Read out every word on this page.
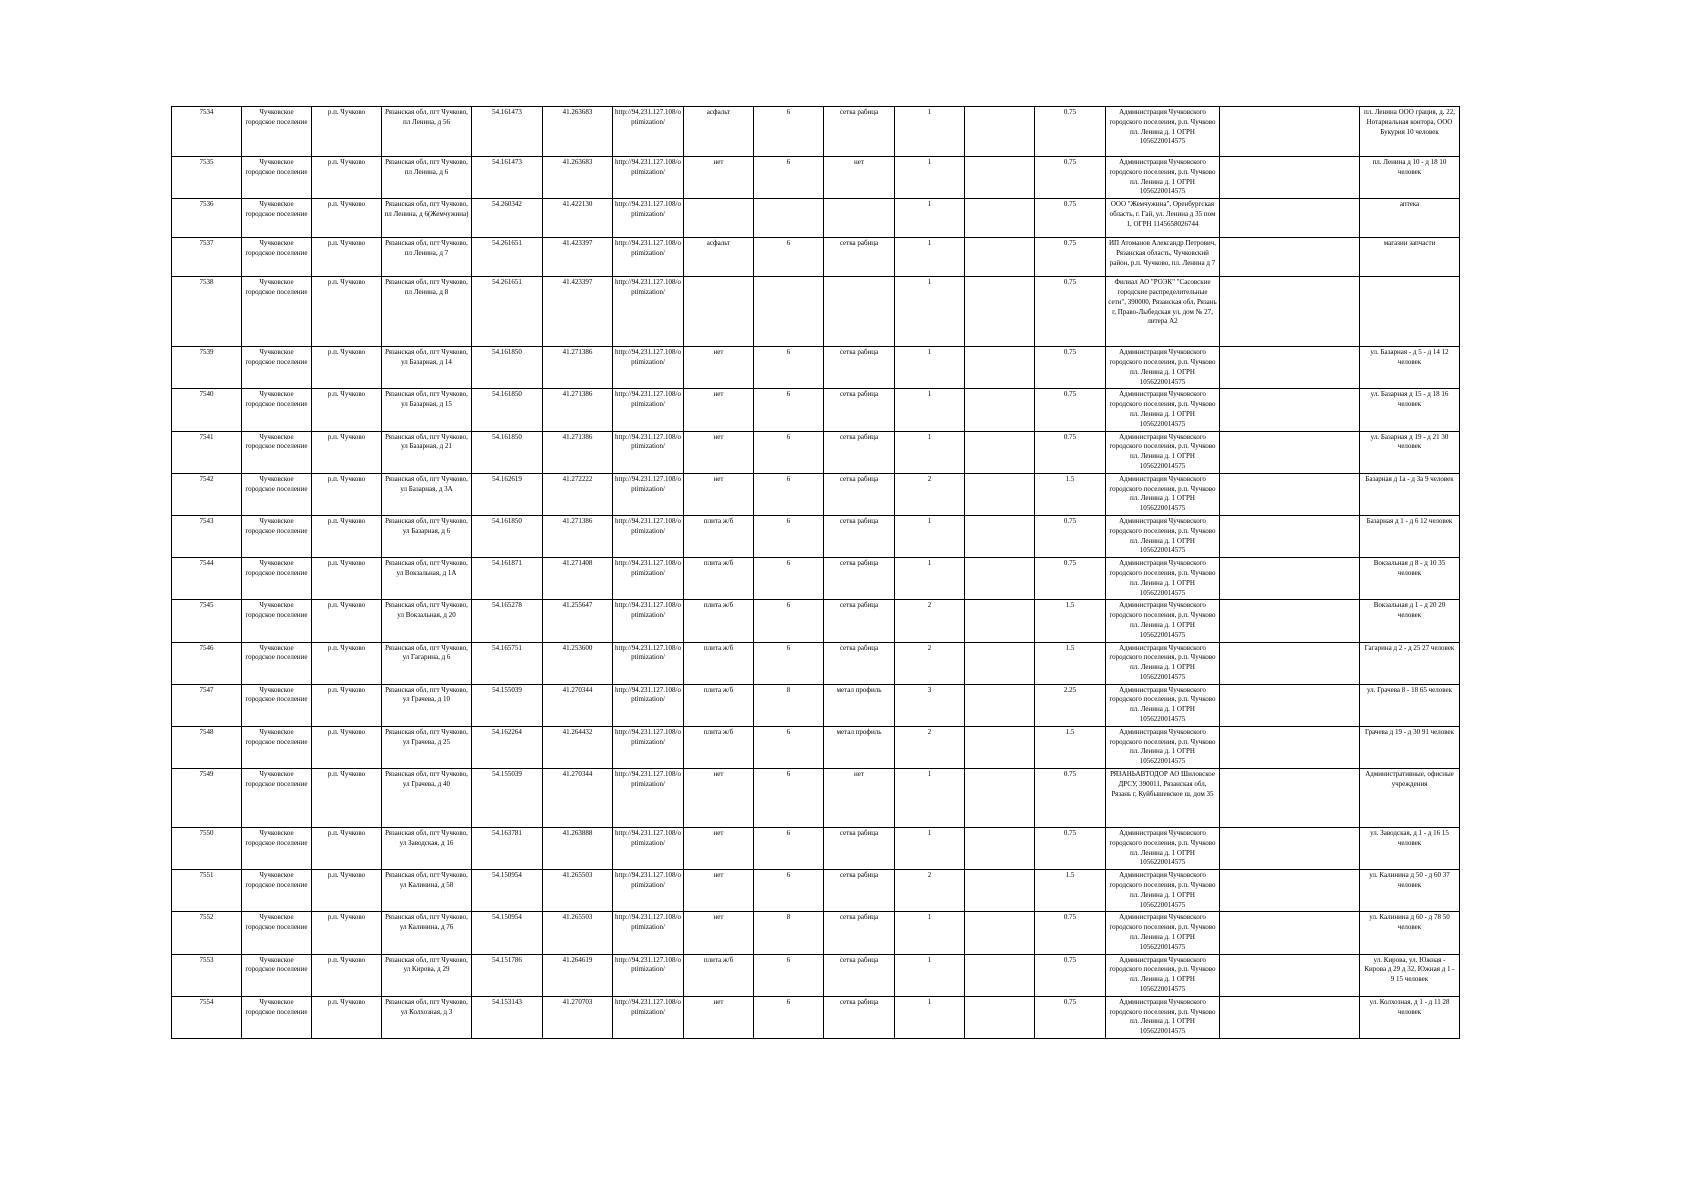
7534	Чучковское городское поселение	р.п. Чучково	Рязанская обл, пгт Чучково, пл Ленина, д 56	54.161473	41.263683	http://94.231.127.108/optimization/	асфальт	6	сетка рабица	1		0.75	Администрация Чучковского городского поселения, р.п. Чучково пл. Ленина д. 1 ОГРН 1056220014575		пл. Ленина ООО грация, д. 22, Нотариальная контора, ООО Букурия 10 человек
7535	Чучковское городское поселение	р.п. Чучково	Рязанская обл, пгт Чучково, пл Ленина, д 6	54.161473	41.263683	http://94.231.127.108/optimization/	нет	6	нет	1		0.75	Администрация Чучковского городского поселения, р.п. Чучково пл. Ленина д. 1 ОГРН 1056220014575		пл. Ленина д 10 - д 18 10 человек
7536	Чучковское городское поселение	р.п. Чучково	Рязанская обл, пгт Чучково, пл Ленина, д 6(Жемчужина)	54.260342	41.422130	http://94.231.127.108/optimization/				1		0.75	ООО "Жемчужина", Оренбургская область, г. Гай, ул. Ленина д 35 пом 1, ОГРН 1145658026744		аптека
7537	Чучковское городское поселение	р.п. Чучково	Рязанская обл, пгт Чучково, пл Ленина, д 7	54.261651	41.423397	http://94.231.127.108/optimization/	асфальт	6	сетка рабица	1		0.75	ИП Атоманов Александр Петрович, Рязанская область, Чучковский район, р.п. Чучково, пл. Ленина д 7		магазин запчасти
7538	Чучковское городское поселение	р.п. Чучково	Рязанская обл, пгт Чучково, пл Ленина, д 8	54.261651	41.423397	http://94.231.127.108/optimization/				1		0.75	Филиал АО "РОЭК" "Сасовские городские распределительные сети", 390000, Рязанская обл, Рязань г, Право-Лыбедская ул, дом № 27, литера А2		
7539	Чучковское городское поселение	р.п. Чучково	Рязанская обл, пгт Чучково, ул Базарная, д 14	54.161850	41.271386	http://94.231.127.108/optimization/	нет	6	сетка рабица	1		0.75	Администрация Чучковского городского поселения, р.п. Чучково пл. Ленина д. 1 ОГРН 1056220014575		ул. Базарная - д 5 - д 14 12 человек
7540	Чучковское городское поселение	р.п. Чучково	Рязанская обл, пгт Чучково, ул Базарная, д 15	54.161850	41.271386	http://94.231.127.108/optimization/	нет	6	сетка рабица	1		0.75	Администрация Чучковского городского поселения, р.п. Чучково пл. Ленина д. 1 ОГРН 1056220014575		ул. Базарная д 15 - д 18 16 человек
7541	Чучковское городское поселение	р.п. Чучково	Рязанская обл, пгт Чучково, ул Базарная, д 21	54.161850	41.271386	http://94.231.127.108/optimization/	нет	6	сетка рабица	1		0.75	Администрация Чучковского городского поселения, р.п. Чучково пл. Ленина д. 1 ОГРН 1056220014575		ул. Базарная д 19 - д 21 30 человек
7542	Чучковское городское поселение	р.п. Чучково	Рязанская обл, пгт Чучково, ул Базарная, д 3А	54.162619	41.272222	http://94.231.127.108/optimization/	нет	6	сетка рабица	2		1.5	Администрация Чучковского городского поселения, р.п. Чучково пл. Ленина д. 1 ОГРН 1056220014575		Базарная д 1а - д 3а 9 человек
7543	Чучковское городское поселение	р.п. Чучково	Рязанская обл, пгт Чучково, ул Базарная, д 6	54.161850	41.271386	http://94.231.127.108/optimization/	плита ж/б	6	сетка рабица	1		0.75	Администрация Чучковского городского поселения, р.п. Чучково пл. Ленина д. 1 ОГРН 1056220014575		Базарная д 1 - д 6 12 человек
7544	Чучковское городское поселение	р.п. Чучково	Рязанская обл, пгт Чучково, ул Вокзальная, д 1А	54.161871	41.271408	http://94.231.127.108/optimization/	плита ж/б	6	сетка рабица	1		0.75	Администрация Чучковского городского поселения, р.п. Чучково пл. Ленина д. 1 ОГРН 1056220014575		Вокзальная д 8 - д 10 35 человек
7545	Чучковское городское поселение	р.п. Чучково	Рязанская обл, пгт Чучково, ул Вокзальная, д 20	54.165278	41.255647	http://94.231.127.108/optimization/	плита ж/б	6	сетка рабица	2		1.5	Администрация Чучковского городского поселения, р.п. Чучково пл. Ленина д. 1 ОГРН 1056220014575		Вокзальная д 1 - д 20 20 человек
7546	Чучковское городское поселение	р.п. Чучково	Рязанская обл, пгт Чучково, ул Гагарина, д 6	54.165751	41.253600	http://94.231.127.108/optimization/	плита ж/б	6	сетка рабица	2		1.5	Администрация Чучковского городского поселения, р.п. Чучково пл. Ленина д. 1 ОГРН 1056220014575		Гагарина д 2 - д 25 27 человек
7547	Чучковское городское поселение	р.п. Чучково	Рязанская обл, пгт Чучково, ул Грачева, д 10	54.155039	41.270344	http://94.231.127.108/optimization/	плита ж/б	8	метал профиль	3		2.25	Администрация Чучковского городского поселения, р.п. Чучково пл. Ленина д. 1 ОГРН 1056220014575		ул. Грачева 8 - 18 65 человек
7548	Чучковское городское поселение	р.п. Чучково	Рязанская обл, пгт Чучково, ул Грачева, д 25	54.162264	41.264432	http://94.231.127.108/optimization/	плита ж/б	6	метал профиль	2		1.5	Администрация Чучковского городского поселения, р.п. Чучково пл. Ленина д. 1 ОГРН 1056220014575		Грачева д 19 - д 30 91 человек
7549	Чучковское городское поселение	р.п. Чучково	Рязанская обл, пгт Чучково, ул Грачева, д 40	54.155039	41.270344	http://94.231.127.108/optimization/	нет	6	нет	1		0.75	РЯЗАНЬАВТОДОР АО Шиловское ДРСУ, 390011, Рязанская обл, Рязань г, Куйбышевское ш, дом 35		Административные, офисные учреждения
7550	Чучковское городское поселение	р.п. Чучково	Рязанская обл, пгт Чучково, ул Заводская, д 16	54.163781	41.263888	http://94.231.127.108/optimization/	нет	6	сетка рабица	1		0.75	Администрация Чучковского городского поселения, р.п. Чучково пл. Ленина д. 1 ОГРН 1056220014575		ул. Заводская, д 1 - д 16 15 человек
7551	Чучковское городское поселение	р.п. Чучково	Рязанская обл, пгт Чучково, ул Калинина, д 58	54.150954	41.265503	http://94.231.127.108/optimization/	нет	6	сетка рабица	2		1.5	Администрация Чучковского городского поселения, р.п. Чучково пл. Ленина д. 1 ОГРН 1056220014575		ул. Калинина д 50 - д 60 37 человек
7552	Чучковское городское поселение	р.п. Чучково	Рязанская обл, пгт Чучково, ул Калинина, д 76	54.150954	41.265503	http://94.231.127.108/optimization/	нет	8	сетка рабица	1		0.75	Администрация Чучковского городского поселения, р.п. Чучково пл. Ленина д. 1 ОГРН 1056220014575		ул. Калинина д 60 - д 78 50 человек
7553	Чучковское городское поселение	р.п. Чучково	Рязанская обл, пгт Чучково, ул Кирова, д 29	54.151786	41.264619	http://94.231.127.108/optimization/	плита ж/б	6	сетка рабица	1		0.75	Администрация Чучковского городского поселения, р.п. Чучково пл. Ленина д. 1 ОГРН 1056220014575		ул. Кирова, ул. Южная - Кирова д 29 д 32, Южная д 1 - 9 15 человек
7554	Чучковское городское поселение	р.п. Чучково	Рязанская обл, пгт Чучково, ул Колхозная, д 3	54.153143	41.270703	http://94.231.127.108/optimization/	нет	6	сетка рабица	1		0.75	Администрация Чучковского городского поселения, р.п. Чучково пл. Ленина д. 1 ОГРН 1056220014575		ул. Колхозная, д 1 - д 11 28 человек
